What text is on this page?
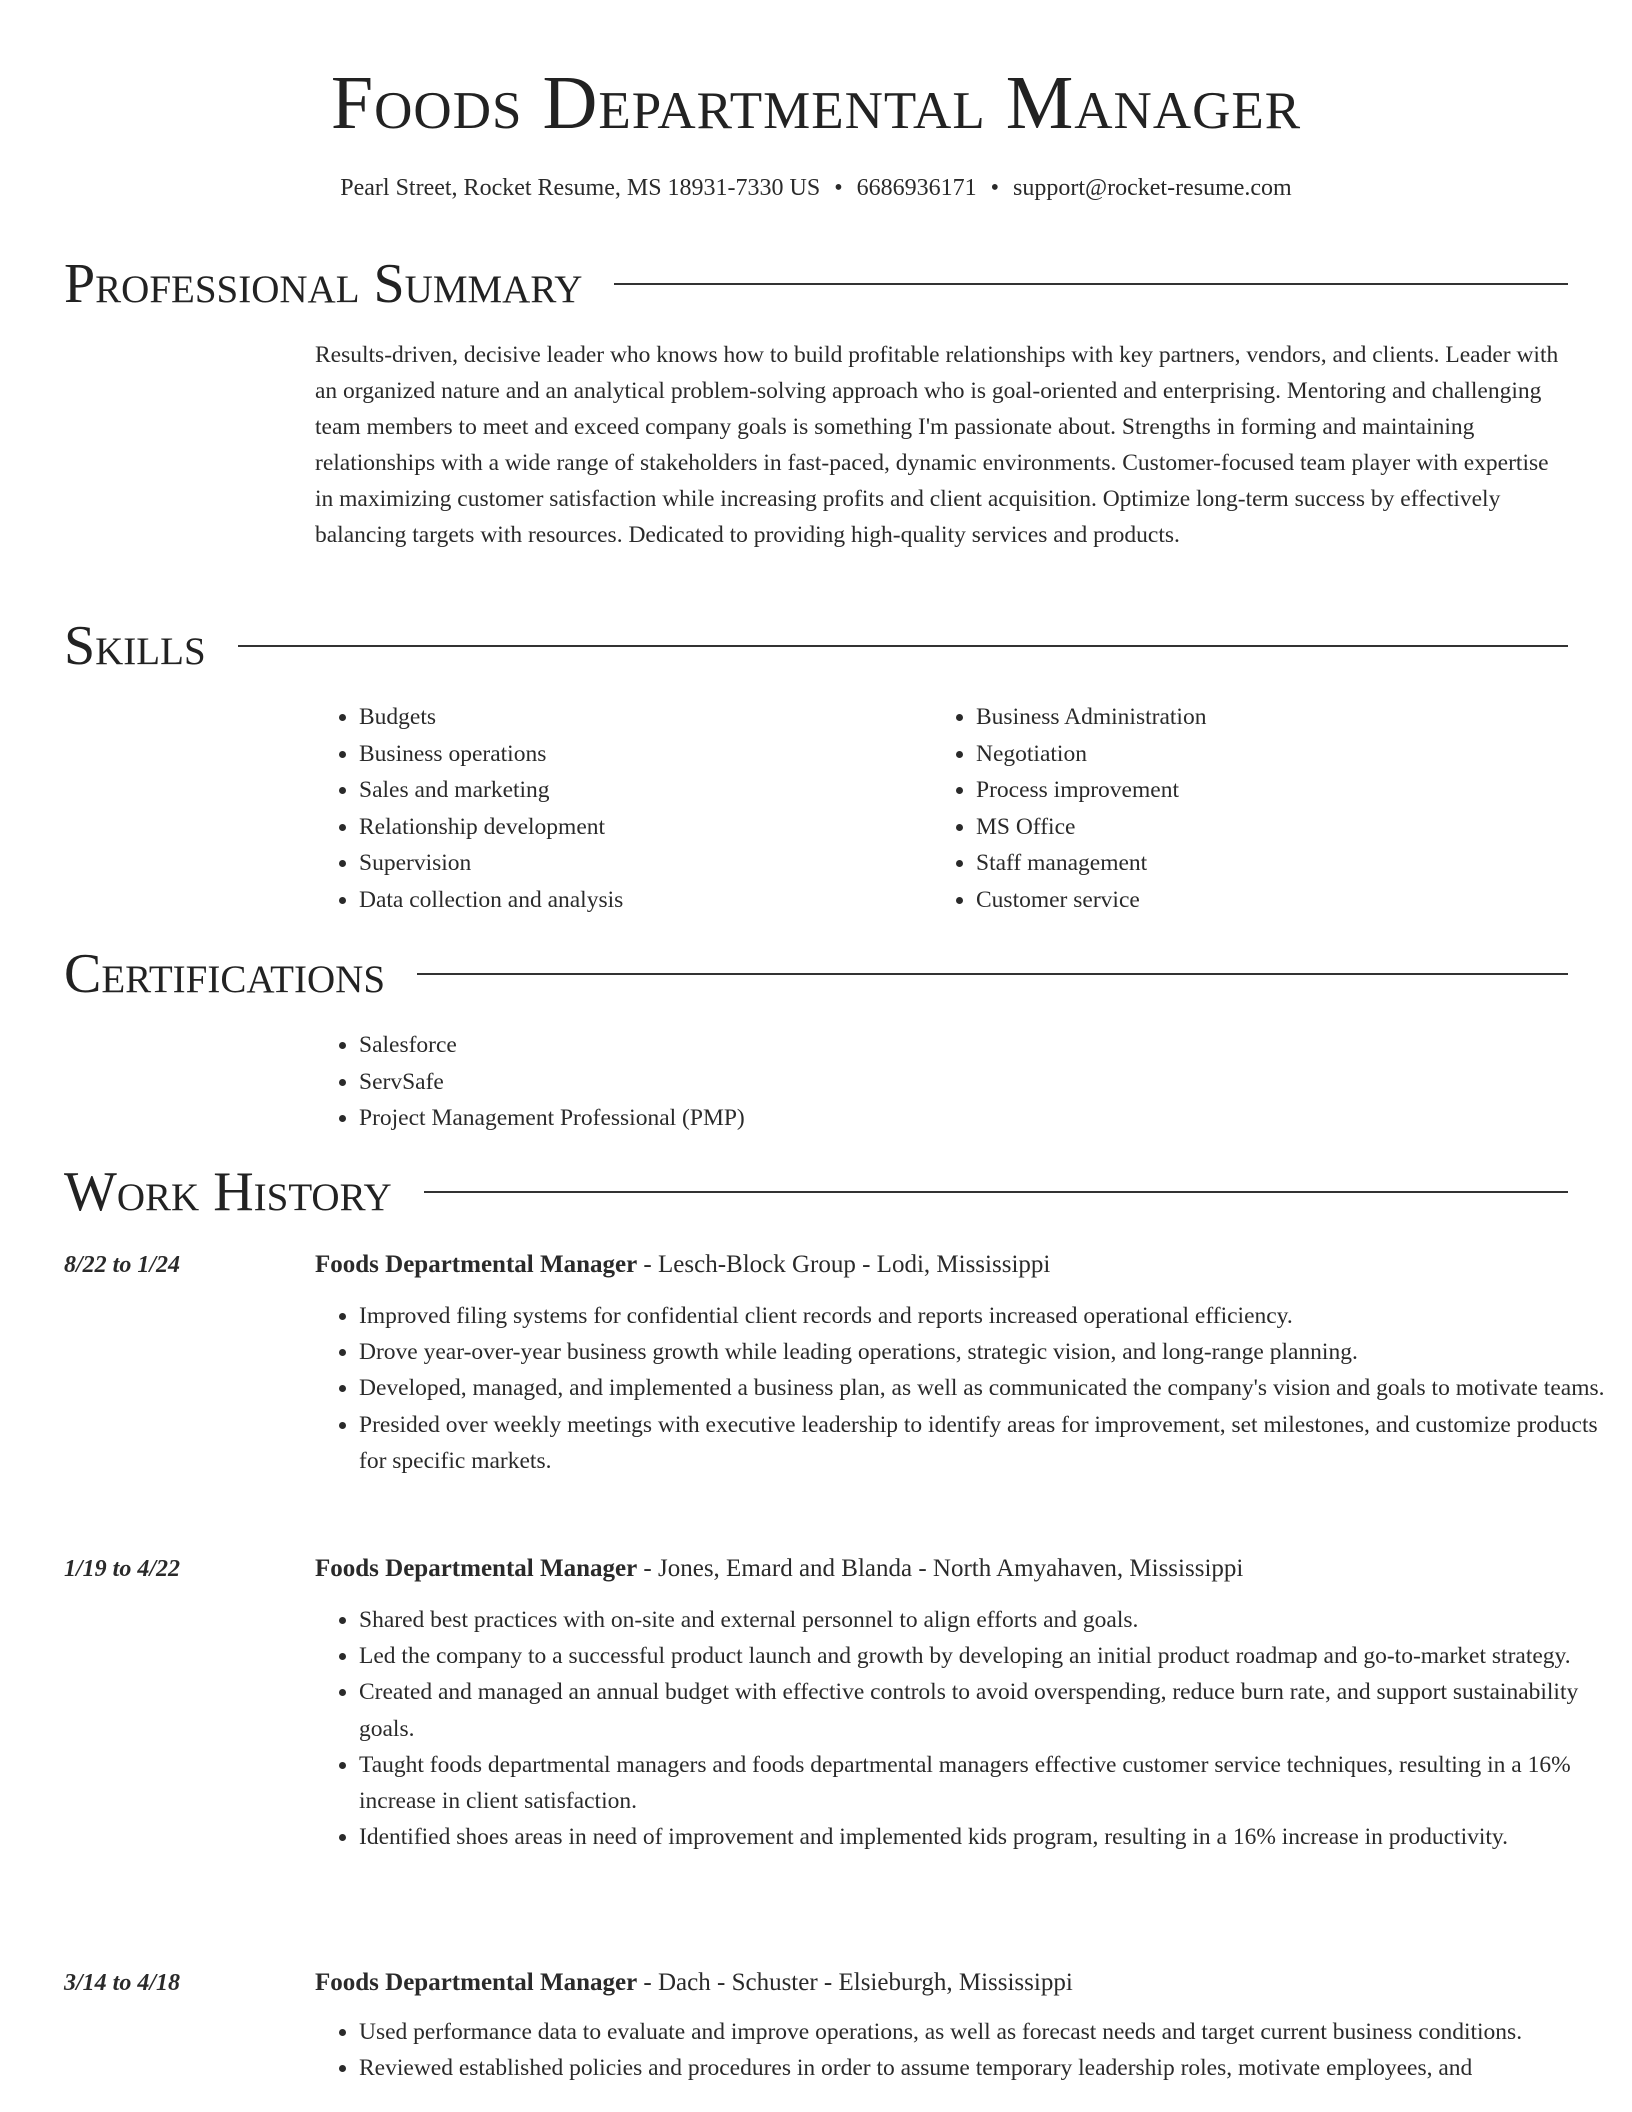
Foods Departmental Manager
Pearl Street, Rocket Resume, MS 18931-7330 US • 6686936171 • support@rocket-resume.com
Professional Summary

Results-driven, decisive leader who knows how to build profitable relationships with key partners, vendors, and clients. Leader with an organized nature and an analytical problem-solving approach who is goal-oriented and enterprising. Mentoring and challenging team members to meet and exceed company goals is something I'm passionate about. Strengths in forming and maintaining relationships with a wide range of stakeholders in fast-paced, dynamic environments. Customer-focused team player with expertise in maximizing customer satisfaction while increasing profits and client acquisition. Optimize long-term success by effectively balancing targets with resources. Dedicated to providing high-quality services and products.

Skills
• Budgets
• Business operations
• Sales and marketing
• Relationship development
• Supervision
• Data collection and analysis
• Business Administration
• Negotiation
• Process improvement
• MS Office
• Staff management
• Customer service
Certifications
• Salesforce
• ServSafe
• Project Management Professional (PMP)
Work History
8/22 to 1/24	Foods Departmental Manager - Lesch-Block Group - Lodi, Mississippi
• Improved filing systems for confidential client records and reports increased operational efficiency.
• Drove year-over-year business growth while leading operations, strategic vision, and long-range planning.
• Developed, managed, and implemented a business plan, as well as communicated the company's vision and goals to motivate teams.
• Presided over weekly meetings with executive leadership to identify areas for improvement, set milestones, and customize products for specific markets.
1/19 to 4/22	Foods Departmental Manager - Jones, Emard and Blanda - North Amyahaven, Mississippi
• Shared best practices with on-site and external personnel to align efforts and goals.
• Led the company to a successful product launch and growth by developing an initial product roadmap and go-to-market strategy.
• Created and managed an annual budget with effective controls to avoid overspending, reduce burn rate, and support sustainability goals.
• Taught foods departmental managers and foods departmental managers effective customer service techniques, resulting in a 16% increase in client satisfaction.
• Identified shoes areas in need of improvement and implemented kids program, resulting in a 16% increase in productivity.
3/14 to 4/18	Foods Departmental Manager - Dach - Schuster - Elsieburgh, Mississippi
• Used performance data to evaluate and improve operations, as well as forecast needs and target current business conditions.
• Reviewed established policies and procedures in order to assume temporary leadership roles, motivate employees, and
